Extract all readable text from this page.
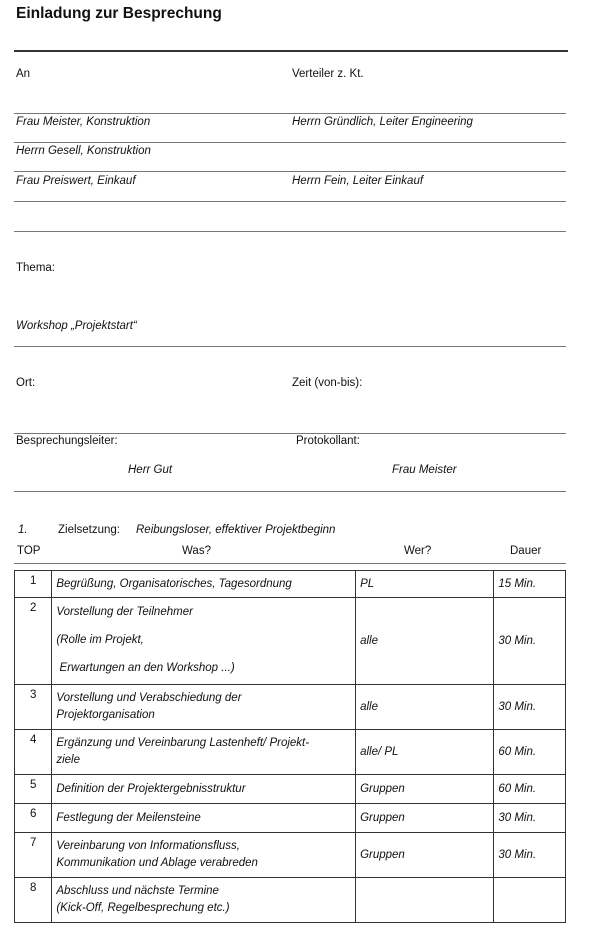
Einladung zur Besprechung
An	Verteiler z. Kt.
Frau Meister, Konstruktion	Herrn Gründlich, Leiter Engineering
Herrn Gesell, Konstruktion
Frau Preiswert, Einkauf	Herrn Fein, Leiter Einkauf
Thema:
Workshop „Projektstart“
Ort:	Zeit (von-bis):
Besprechungsleiter:	Protokollant:
Herr Gut	Frau Meister
1.	Zielsetzung: Reibungsloser, effektiver Projektbeginn
TOP	Was?	Wer?	Dauer
1	Begrüßung, Organisatorisches, Tagesordnung	PL	15 Min.
2	Vorstellung der Teilnehmer
(Rolle im Projekt,
Erwartungen an den Workshop ...)	alle	30 Min.
3	Vorstellung und Verabschiedung der
Projektorganisation	alle	30 Min.
4	Ergänzung und Vereinbarung Lastenheft/ Projekt-
ziele	alle/ PL	60 Min.
5	Definition der Projektergebnisstruktur	Gruppen	60 Min.
6	Festlegung der Meilensteine	Gruppen	30 Min.
7	Vereinbarung von Informationsfluss,
Kommunikation und Ablage verabreden	Gruppen	30 Min.
8	Abschluss und nächste Termine
(Kick-Off, Regelbesprechung etc.)		
